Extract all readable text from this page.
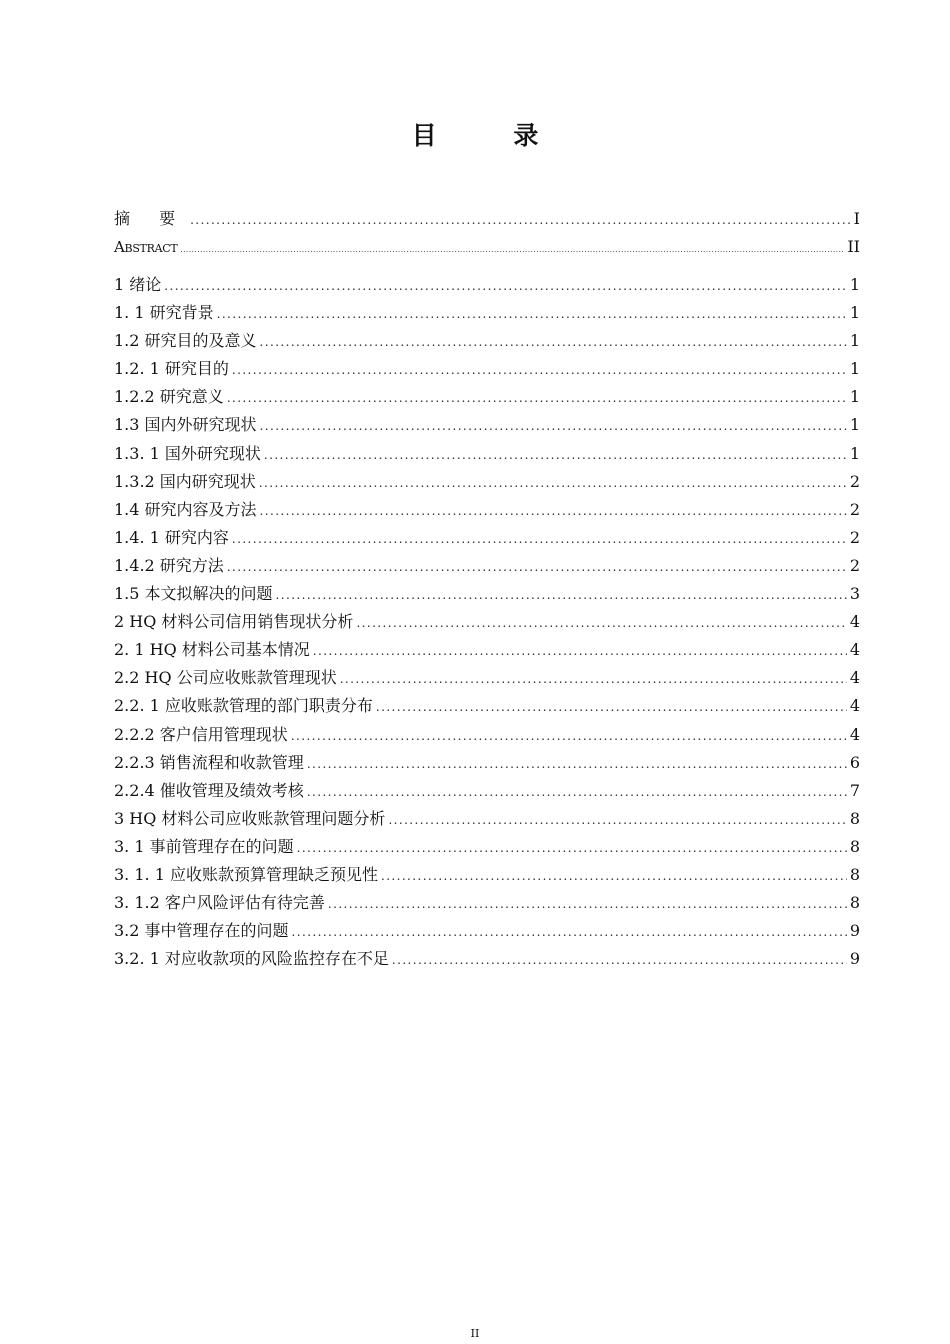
目 录
摘 要 .....	I
Abstract .....	II
1 绪论 .....	1
1. 1 研究背景 .....	1
1.2 研究目的及意义 .....	1
1.2. 1 研究目的 .....	1
1.2.2 研究意义 .....	1
1.3 国内外研究现状 .....	1
1.3. 1 国外研究现状 .....	1
1.3.2 国内研究现状 .....	2
1.4 研究内容及方法 .....	2
1.4. 1 研究内容 .....	2
1.4.2 研究方法 .....	2
1.5 本文拟解决的问题 .....	3
2 HQ 材料公司信用销售现状分析 .....	4
2. 1 HQ 材料公司基本情况 .....	4
2.2 HQ 公司应收账款管理现状 .....	4
2.2. 1 应收账款管理的部门职责分布 .....	4
2.2.2 客户信用管理现状 .....	4
2.2.3 销售流程和收款管理 .....	6
2.2.4 催收管理及绩效考核 .....	7
3 HQ 材料公司应收账款管理问题分析 .....	8
3. 1 事前管理存在的问题 .....	8
3. 1. 1 应收账款预算管理缺乏预见性 .....	8
3. 1.2 客户风险评估有待完善 .....	8
3.2 事中管理存在的问题 .....	9
3.2. 1 对应收款项的风险监控存在不足 .....	9
II
